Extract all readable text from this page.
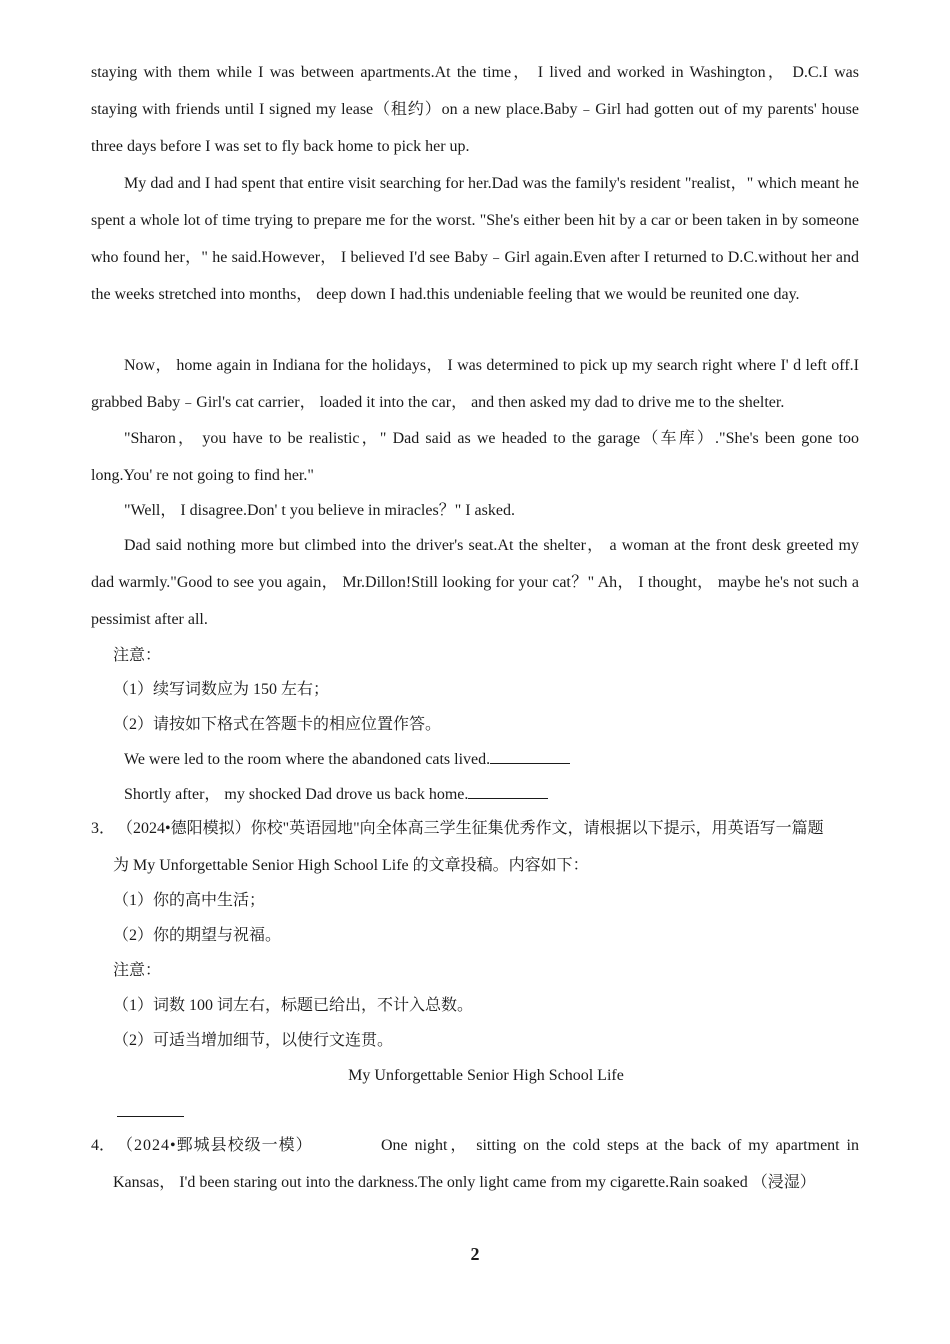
staying with them while I was between apartments.At the time， I lived and worked in Washington， D.C.I was staying with friends until I signed my lease（租约）on a new place.Baby﹣Girl had gotten out of my parents' house three days before I was set to fly back home to pick her up.

My dad and I had spent that entire visit searching for her.Dad was the family's resident "realist，" which meant he spent a whole lot of time trying to prepare me for the worst. "She's either been hit by a car or been taken in by someone who found her，" he said.However， I believed I'd see Baby﹣Girl again.Even after I returned to D.C.without her and the weeks stretched into months， deep down I had.this undeniable feeling that we would be reunited one day.

Now， home again in Indiana for the holidays， I was determined to pick up my search right where I' d left off.I grabbed Baby﹣Girl's cat carrier， loaded it into the car， and then asked my dad to drive me to the shelter.

"Sharon， you have to be realistic，" Dad said as we headed to the garage（车库）."She's been gone too long.You' re not going to find her."

"Well， I disagree.Don' t you believe in miracles？" I asked.

Dad said nothing more but climbed into the driver's seat.At the shelter， a woman at the front desk greeted my dad warmly."Good to see you again， Mr.Dillon!Still looking for your cat？" Ah， I thought， maybe he's not such a pessimist after all.

注意：

（1）续写词数应为 150 左右；

（2）请按如下格式在答题卡的相应位置作答。

We were led to the room where the abandoned cats lived.

Shortly after， my shocked Dad drove us back home.

3． （2024•德阳模拟）你校"英语园地"向全体高三学生征集优秀作文，请根据以下提示，用英语写一篇题

为 My Unforgettable Senior High School Life 的文章投稿。内容如下：

（1）你的高中生活；

（2）你的期望与祝福。

注意：

（1）词数 100 词左右，标题已给出，不计入总数。

（2）可适当增加细节，以使行文连贯。

My Unforgettable Senior High School Life
4． （2024•鄄城县校级一模）	One night， sitting on the cold steps at the back of my apartment in

Kansas， I'd been staring out into the darkness.The only light came from my cigarette.Rain soaked （浸湿）

2
